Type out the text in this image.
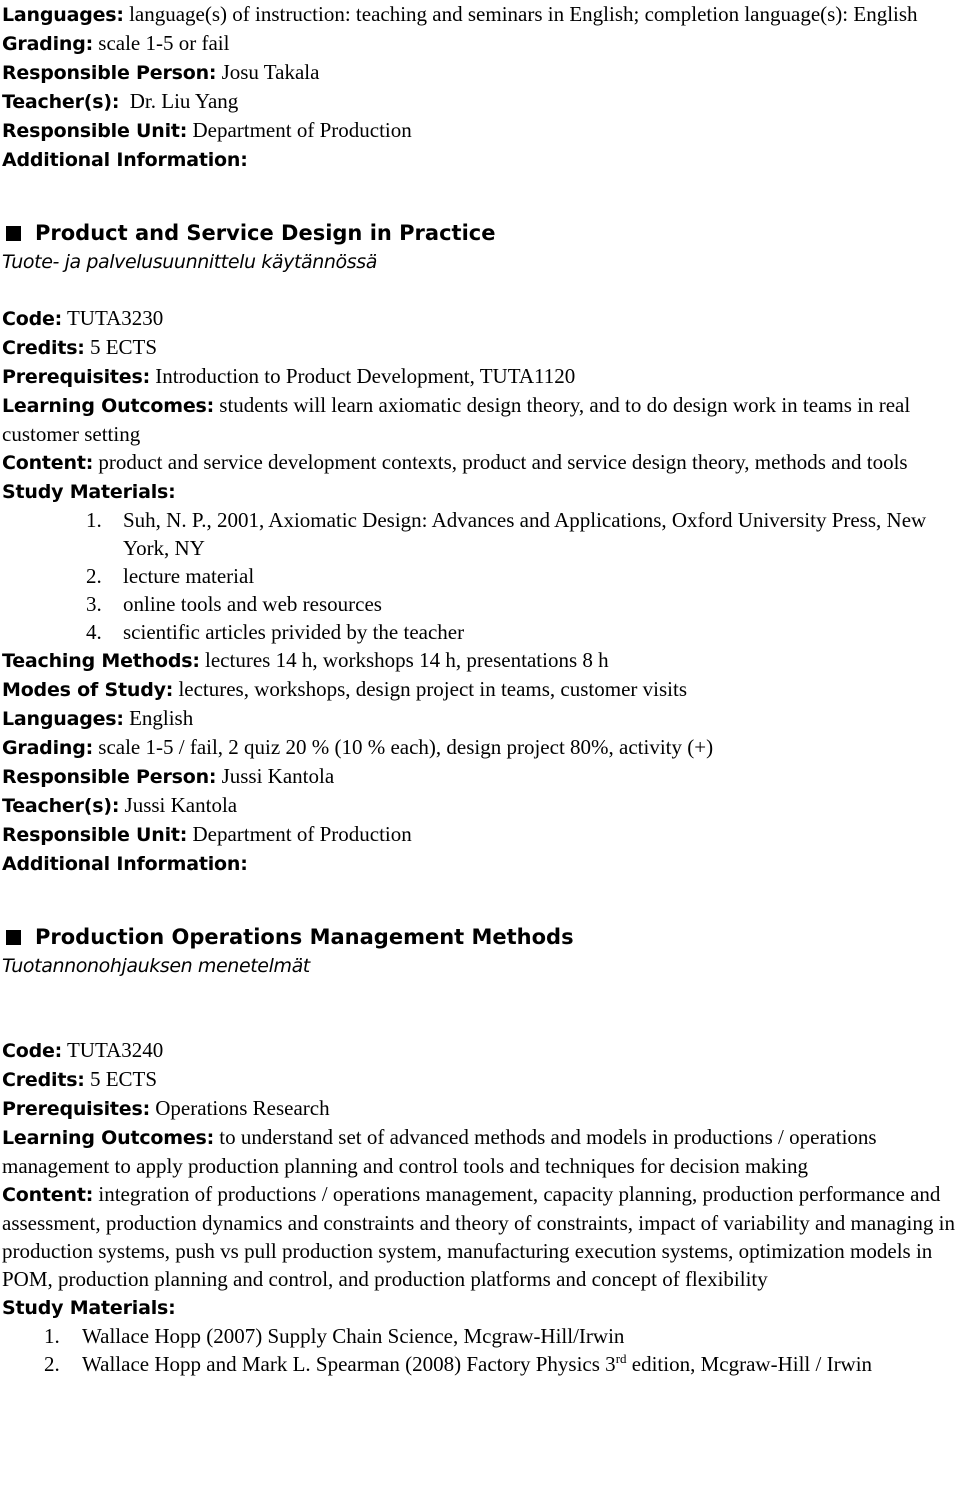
Languages: language(s) of instruction: teaching and seminars in English; completion language(s): English

Grading: scale 1-5 or fail

Responsible Person: Josu Takala

Teacher(s): Dr. Liu Yang

Responsible Unit: Department of Production

Additional Information:

Product and Service Design in Practice

Tuote- ja palvelusuunnittelu käytännössä

Code: TUTA3230

Credits: 5 ECTS

Prerequisites: Introduction to Product Development, TUTA1120

Learning Outcomes: students will learn axiomatic design theory, and to do design work in teams in real customer setting

Content: product and service development contexts, product and service design theory, methods and tools

Study Materials:

1.	Suh, N. P., 2001, Axiomatic Design: Advances and Applications, Oxford University Press, New York, NY
2.	lecture material
3.	online tools and web resources
4.	scientific articles privided by the teacher

Teaching Methods: lectures 14 h, workshops 14 h, presentations 8 h

Modes of Study: lectures, workshops, design project in teams, customer visits

Languages: English

Grading: scale 1-5 / fail, 2 quiz 20 % (10 % each), design project 80%, activity (+)

Responsible Person: Jussi Kantola

Teacher(s): Jussi Kantola

Responsible Unit: Department of Production

Additional Information:

Production Operations Management Methods

Tuotannonohjauksen menetelmät

Code: TUTA3240

Credits: 5 ECTS

Prerequisites: Operations Research

Learning Outcomes: to understand set of advanced methods and models in productions / operations management to apply production planning and control tools and techniques for decision making

Content: integration of productions / operations management, capacity planning, production performance and assessment, production dynamics and constraints and theory of constraints, impact of variability and managing in production systems, push vs pull production system, manufacturing execution systems, optimization models in POM, production planning and control, and production platforms and concept of flexibility

Study Materials:

1.	Wallace Hopp (2007) Supply Chain Science, Mcgraw-Hill/Irwin
2.	Wallace Hopp and Mark L. Spearman (2008) Factory Physics 3rd edition, Mcgraw-Hill / Irwin
